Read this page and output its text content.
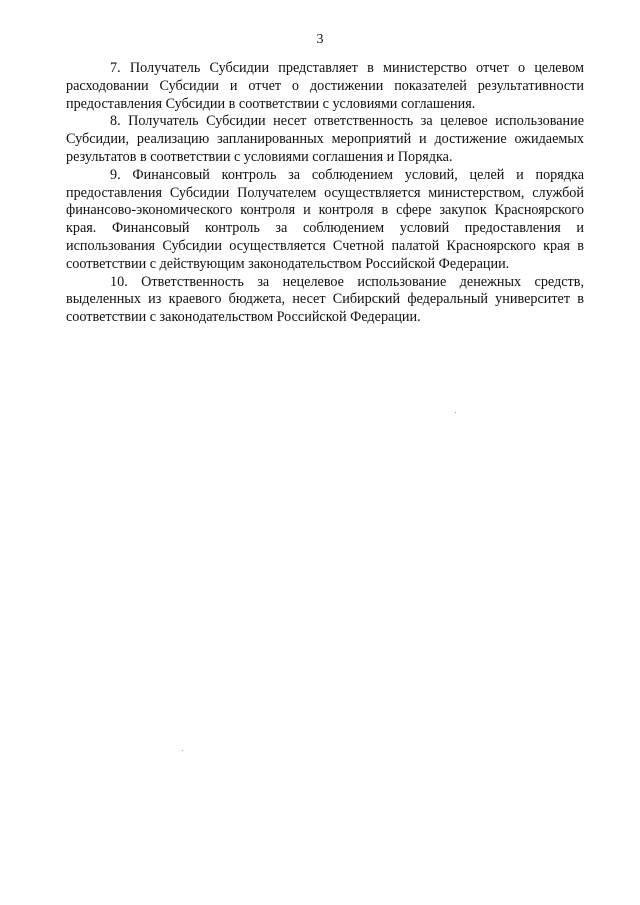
3

7. Получатель Субсидии представляет в министерство отчет о целевом расходовании Субсидии и отчет о достижении показателей результативности предоставления Субсидии в соответствии с условиями соглашения.

8. Получатель Субсидии несет ответственность за целевое использование Субсидии, реализацию запланированных мероприятий и достижение ожидаемых результатов в соответствии с условиями соглашения и Порядка.

9. Финансовый контроль за соблюдением условий, целей и порядка предоставления Субсидии Получателем осуществляется министерством, службой финансово-экономического контроля и контроля в сфере закупок Красноярского края. Финансовый контроль за соблюдением условий предоставления и использования Субсидии осуществляется Счетной палатой Красноярского края в соответствии с действующим законодательством Российской Федерации.

10. Ответственность за нецелевое использование денежных средств, выделенных из краевого бюджета, несет Сибирский федеральный университет в соответствии с законодательством Российской Федерации.
